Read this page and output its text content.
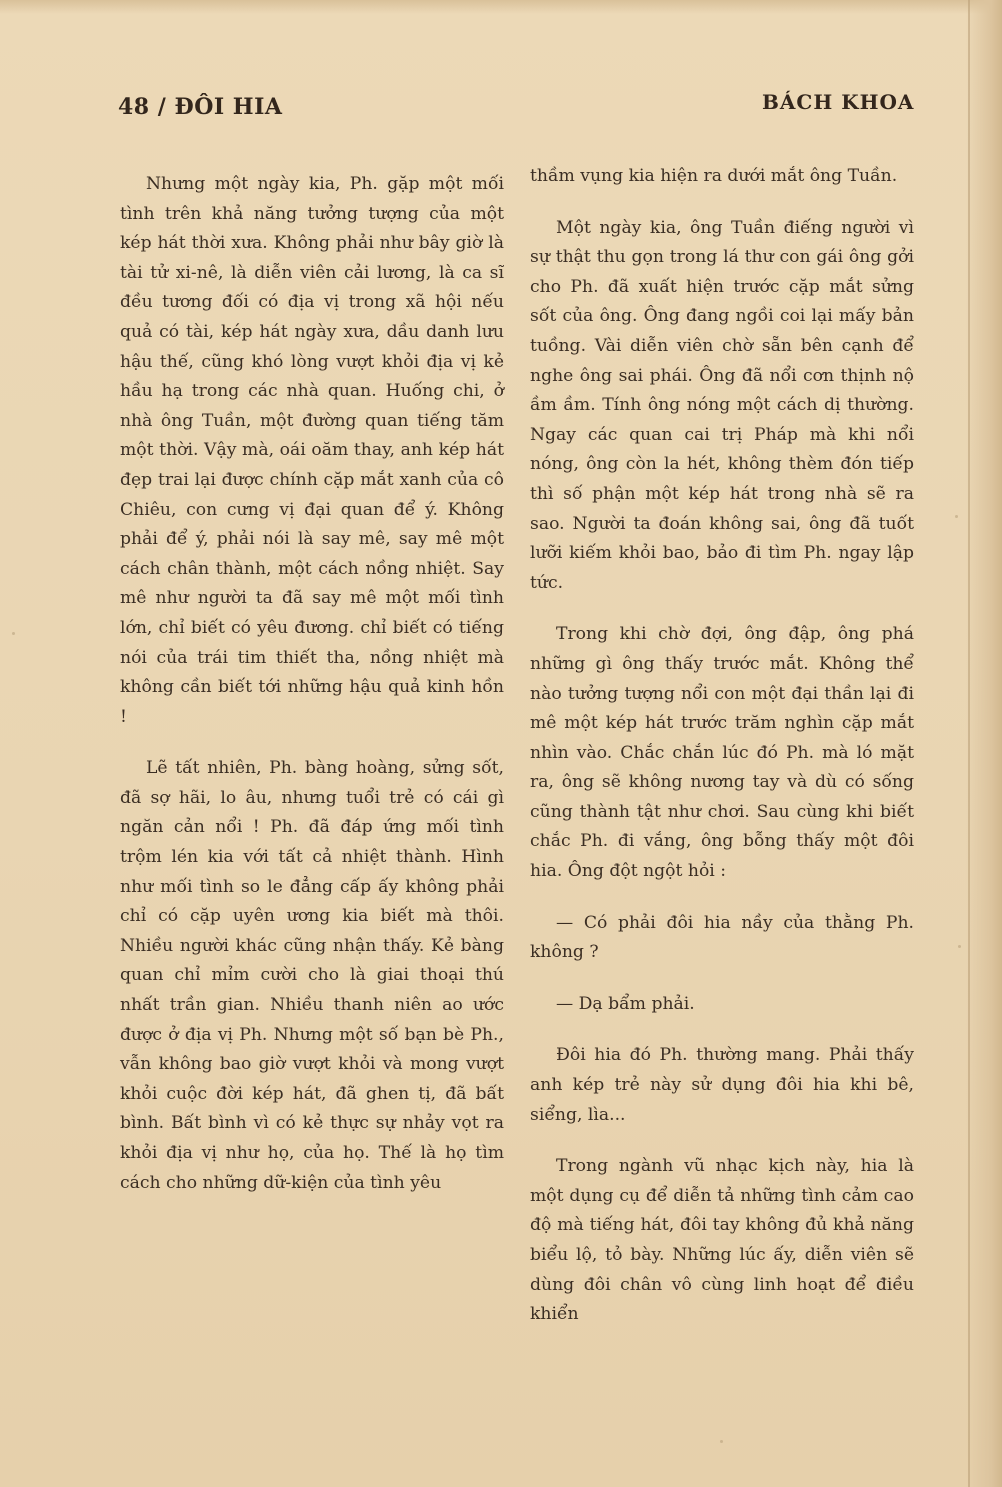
48 / ĐÔI HIA	BÁCH KHOA

Nhưng một ngày kia, Ph. gặp một mối tình trên khả năng tưởng tượng của một kép hát thời xưa. Không phải như bây giờ là tài tử xi-nê, là diễn viên cải lương, là ca sĩ đều tương đối có địa vị trong xã hội nếu quả có tài, kép hát ngày xưa, dầu danh lưu hậu thế, cũng khó lòng vượt khỏi địa vị kẻ hầu hạ trong các nhà quan. Huống chi, ở nhà ông Tuần, một đường quan tiếng tăm một thời. Vậy mà, oái oăm thay, anh kép hát đẹp trai lại được chính cặp mắt xanh của cô Chiêu, con cưng vị đại quan để ý. Không phải để ý, phải nói là say mê, say mê một cách chân thành, một cách nồng nhiệt. Say mê như người ta đã say mê một mối tình lớn, chỉ biết có yêu đương. chỉ biết có tiếng nói của trái tim thiết tha, nồng nhiệt mà không cần biết tới những hậu quả kinh hồn !

Lẽ tất nhiên, Ph. bàng hoàng, sửng sốt, đã sợ hãi, lo âu, nhưng tuổi trẻ có cái gì ngăn cản nổi ! Ph. đã đáp ứng mối tình trộm lén kia với tất cả nhiệt thành. Hình như mối tình so le đẳng cấp ấy không phải chỉ có cặp uyên ương kia biết mà thôi. Nhiều người khác cũng nhận thấy. Kẻ bàng quan chỉ mỉm cười cho là giai thoại thú nhất trần gian. Nhiều thanh niên ao ước được ở địa vị Ph. Nhưng một số bạn bè Ph., vẫn không bao giờ vượt khỏi và mong vượt khỏi cuộc đời kép hát, đã ghen tị, đã bất bình. Bất bình vì có kẻ thực sự nhảy vọt ra khỏi địa vị như họ, của họ. Thế là họ tìm cách cho những dữ-kiện của tình yêu

thầm vụng kia hiện ra dưới mắt ông Tuần.

Một ngày kia, ông Tuần điếng người vì sự thật thu gọn trong lá thư con gái ông gởi cho Ph. đã xuất hiện trước cặp mắt sửng sốt của ông. Ông đang ngồi coi lại mấy bản tuồng. Vài diễn viên chờ sẵn bên cạnh để nghe ông sai phái. Ông đã nổi cơn thịnh nộ ầm ầm. Tính ông nóng một cách dị thường. Ngay các quan cai trị Pháp mà khi nổi nóng, ông còn la hét, không thèm đón tiếp thì số phận một kép hát trong nhà sẽ ra sao. Người ta đoán không sai, ông đã tuốt lưỡi kiếm khỏi bao, bảo đi tìm Ph. ngay lập tức.

Trong khi chờ đợi, ông đập, ông phá những gì ông thấy trước mắt. Không thể nào tưởng tượng nổi con một đại thần lại đi mê một kép hát trước trăm nghìn cặp mắt nhìn vào. Chắc chắn lúc đó Ph. mà ló mặt ra, ông sẽ không nương tay và dù có sống cũng thành tật như chơi. Sau cùng khi biết chắc Ph. đi vắng, ông bỗng thấy một đôi hia. Ông đột ngột hỏi :

— Có phải đôi hia nầy của thằng Ph. không ?

— Dạ bẩm phải.

Đôi hia đó Ph. thường mang. Phải thấy anh kép trẻ này sử dụng đôi hia khi bê, siểng, lìa...

Trong ngành vũ nhạc kịch này, hia là một dụng cụ để diễn tả những tình cảm cao độ mà tiếng hát, đôi tay không đủ khả năng biểu lộ, tỏ bày. Những lúc ấy, diễn viên sẽ dùng đôi chân vô cùng linh hoạt để điều khiển
